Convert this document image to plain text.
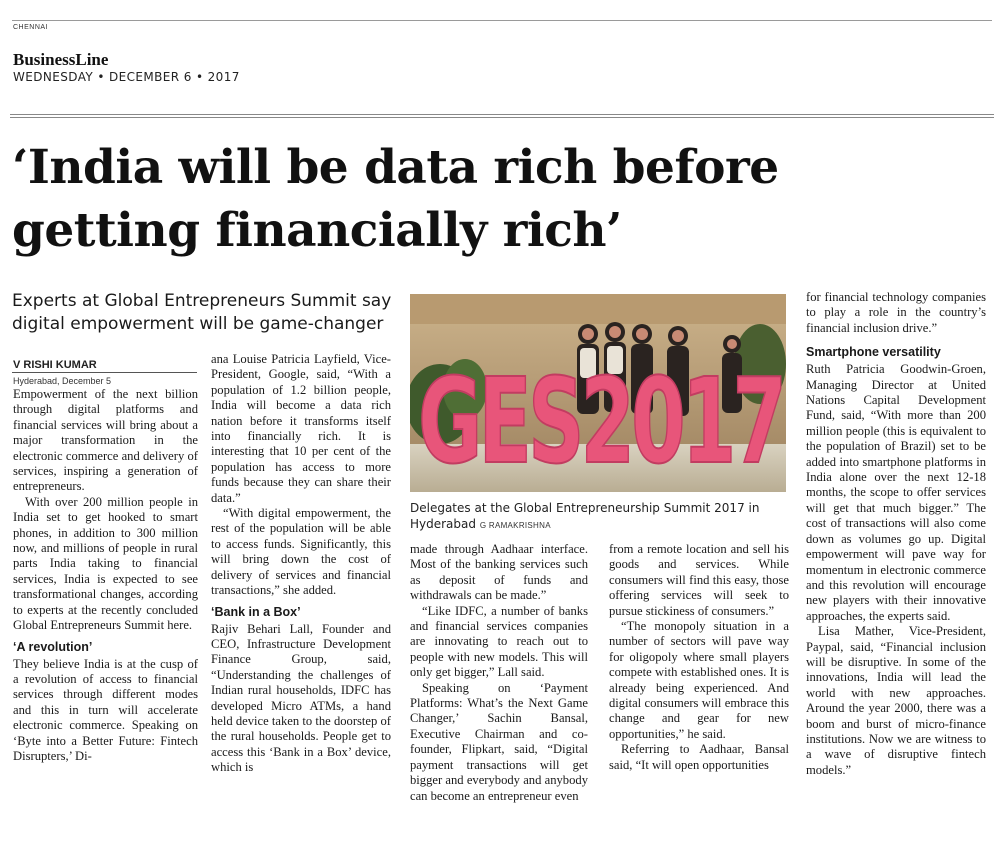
CHENNAI
BusinessLine
WEDNESDAY • DECEMBER 6 • 2017
‘India will be data rich before
getting financially rich’
Experts at Global Entrepreneurs Summit say
digital empowerment will be game-changer
V RISHI KUMAR
Hyderabad, December 5

Empowerment of the next billion through digital platforms and financial services will bring about a major transformation in the electronic commerce and delivery of services, inspiring a generation of entrepreneurs.

With over 200 million people in India set to get hooked to smart phones, in addition to 300 million now, and millions of people in rural parts India taking to financial services, India is expected to see transformational changes, according to experts at the recently concluded Global Entrepreneurs Summit here.

‘A revolution’

They believe India is at the cusp of a revolution of access to financial services through different modes and this in turn will accelerate electronic commerce. Speaking on ‘Byte into a Better Future: Fintech Disrupters,’ Di-

ana Louise Patricia Layfield, Vice-President, Google, said, “With a population of 1.2 billion people, India will become a data rich nation before it transforms itself into financially rich. It is interesting that 10 per cent of the population has access to more funds because they can share their data.”

“With digital empowerment, the rest of the population will be able to access funds. Significantly, this will bring down the cost of delivery of services and financial transactions,” she added.

‘Bank in a Box’

Rajiv Behari Lall, Founder and CEO, Infrastructure Development Finance Group, said, “Understanding the challenges of Indian rural households, IDFC has developed Micro ATMs, a hand held device taken to the doorstep of the rural households. People get to access this ‘Bank in a Box’ device, which is

GES2017
Delegates at the Global Entrepreneurship Summit 2017 in Hyderabad G RAMAKRISHNA

made through Aadhaar interface. Most of the banking services such as deposit of funds and withdrawals can be made.”

“Like IDFC, a number of banks and financial services companies are innovating to reach out to people with new models. This will only get bigger,” Lall said.

Speaking on ‘Payment Platforms: What’s the Next Game Changer,’ Sachin Bansal, Executive Chairman and co-founder, Flipkart, said, “Digital payment transactions will get bigger and everybody and anybody can become an entrepreneur even

from a remote location and sell his goods and services. While consumers will find this easy, those offering services will seek to pursue stickiness of consumers.”

“The monopoly situation in a number of sectors will pave way for oligopoly where small players compete with established ones. It is already being experienced. And digital consumers will embrace this change and gear for new opportunities,” he said.

Referring to Aadhaar, Bansal said, “It will open opportunities

for financial technology companies to play a role in the country’s financial inclusion drive.”

Smartphone versatility

Ruth Patricia Goodwin-Groen, Managing Director at United Nations Capital Development Fund, said, “With more than 200 million people (this is equivalent to the population of Brazil) set to be added into smartphone platforms in India alone over the next 12-18 months, the scope to offer services will get that much bigger.” The cost of transactions will also come down as volumes go up. Digital empowerment will pave way for momentum in electronic commerce and this revolution will encourage new players with their innovative approaches, the experts said.

Lisa Mather, Vice-President, Paypal, said, “Financial inclusion will be disruptive. In some of the innovations, India will lead the world with new approaches. Around the year 2000, there was a boom and burst of micro-finance institutions. Now we are witness to a wave of disruptive fintech models.”
